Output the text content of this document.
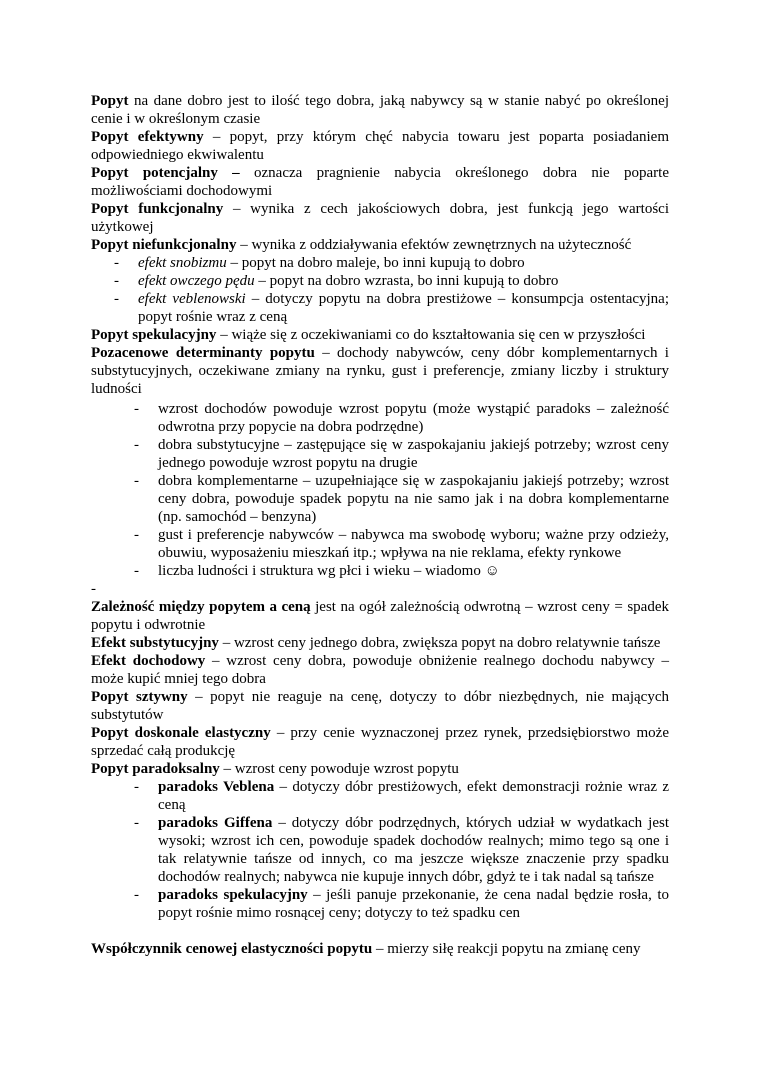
Popyt na dane dobro jest to ilość tego dobra, jaką nabywcy są w stanie nabyć po określonej cenie i w określonym czasie

Popyt efektywny – popyt, przy którym chęć nabycia towaru jest poparta posiadaniem odpowiedniego ekwiwalentu

Popyt potencjalny – oznacza pragnienie nabycia określonego dobra nie poparte możliwościami dochodowymi

Popyt funkcjonalny – wynika z cech jakościowych dobra, jest funkcją jego wartości użytkowej

Popyt niefunkcjonalny – wynika z oddziaływania efektów zewnętrznych na użyteczność

- efekt snobizmu – popyt na dobro maleje, bo inni kupują to dobro
- efekt owczego pędu – popyt na dobro wzrasta, bo inni kupują to dobro
- efekt veblenowski – dotyczy popytu na dobra prestiżowe – konsumpcja ostentacyjna; popyt rośnie wraz z ceną

Popyt spekulacyjny – wiąże się z oczekiwaniami co do kształtowania się cen w przyszłości

Pozacenowe determinanty popytu – dochody nabywców, ceny dóbr komplementarnych i substytucyjnych, oczekiwane zmiany na rynku, gust i preferencje, zmiany liczby i struktury ludności

- wzrost dochodów powoduje wzrost popytu (może wystąpić paradoks – zależność odwrotna przy popycie na dobra podrzędne)
- dobra substytucyjne – zastępujące się w zaspokajaniu jakiejś potrzeby; wzrost ceny jednego powoduje wzrost popytu na drugie
- dobra komplementarne – uzupełniające się w zaspokajaniu jakiejś potrzeby; wzrost ceny dobra, powoduje spadek popytu na nie samo jak i na dobra komplementarne (np. samochód – benzyna)
- gust i preferencje nabywców – nabywca ma swobodę wyboru; ważne przy odzieży, obuwiu, wyposażeniu mieszkań itp.; wpływa na nie reklama, efekty rynkowe
- liczba ludności i struktura wg płci i wieku – wiadomo ☺

-

Zależność między popytem a ceną jest na ogół zależnością odwrotną – wzrost ceny = spadek popytu i odwrotnie

Efekt substytucyjny – wzrost ceny jednego dobra, zwiększa popyt na dobro relatywnie tańsze

Efekt dochodowy – wzrost ceny dobra, powoduje obniżenie realnego dochodu nabywcy – może kupić mniej tego dobra

Popyt sztywny – popyt nie reaguje na cenę, dotyczy to dóbr niezbędnych, nie mających substytutów

Popyt doskonale elastyczny – przy cenie wyznaczonej przez rynek, przedsiębiorstwo może sprzedać całą produkcję

Popyt paradoksalny – wzrost ceny powoduje wzrost popytu

- paradoks Veblena – dotyczy dóbr prestiżowych, efekt demonstracji rożnie wraz z ceną
- paradoks Giffena – dotyczy dóbr podrzędnych, których udział w wydatkach jest wysoki; wzrost ich cen, powoduje spadek dochodów realnych; mimo tego są one i tak relatywnie tańsze od innych, co ma jeszcze większe znaczenie przy spadku dochodów realnych; nabywca nie kupuje innych dóbr, gdyż te i tak nadal są tańsze
- paradoks spekulacyjny – jeśli panuje przekonanie, że cena nadal będzie rosła, to popyt rośnie mimo rosnącej ceny; dotyczy to też spadku cen

Współczynnik cenowej elastyczności popytu – mierzy siłę reakcji popytu na zmianę ceny
